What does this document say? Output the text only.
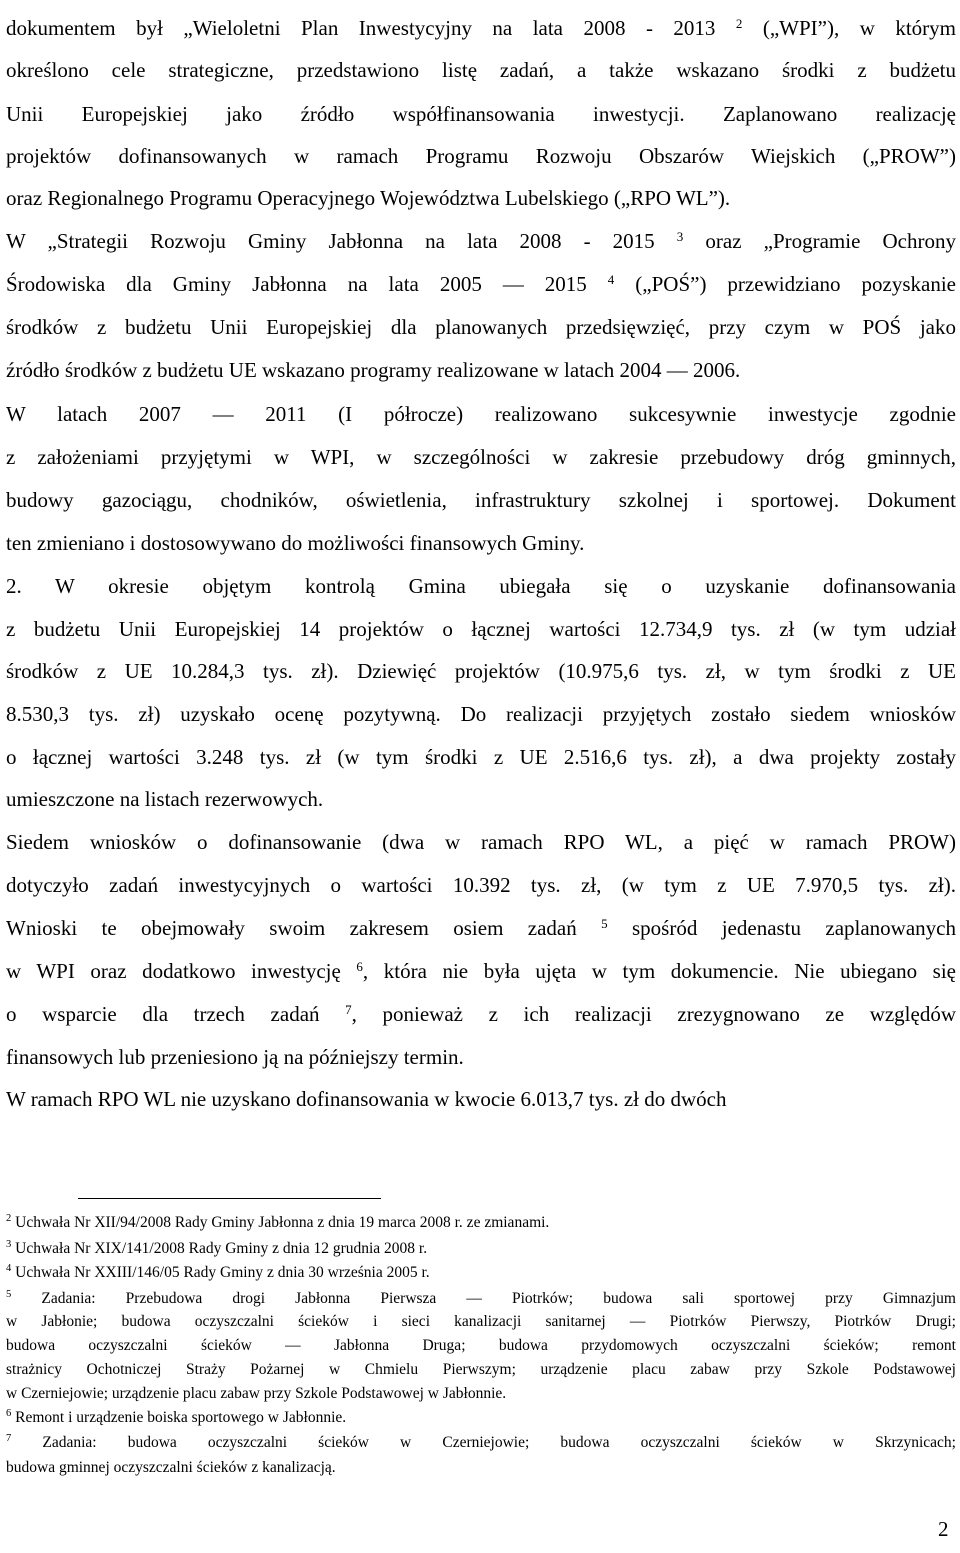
dokumentem był „Wieloletni Plan Inwestycyjny na lata 2008 - 2013 $^2$ („WPI”), w którym
określono cele strategiczne, przedstawiono listę zadań, a także wskazano środki z budżetu
Unii Europejskiej jako źródło współfinansowania inwestycji. Zaplanowano realizację
projektów dofinansowanych w ramach Programu Rozwoju Obszarów Wiejskich („PROW”)
oraz Regionalnego Programu Operacyjnego Województwa Lubelskiego („RPO WL”).
W „Strategii Rozwoju Gminy Jabłonna na lata 2008 - 2015 $^3$ oraz „Programie Ochrony
Środowiska dla Gminy Jabłonna na lata 2005 — 2015 $^4$ („POŚ”) przewidziano pozyskanie
środków z budżetu Unii Europejskiej dla planowanych przedsięwzięć, przy czym w POŚ jako
źródło środków z budżetu UE wskazano programy realizowane w latach 2004 — 2006.
W latach 2007 — 2011 (I półrocze) realizowano sukcesywnie inwestycje zgodnie
z założeniami przyjętymi w WPI, w szczególności w zakresie przebudowy dróg gminnych,
budowy gazociągu, chodników, oświetlenia, infrastruktury szkolnej i sportowej. Dokument
ten zmieniano i dostosowywano do możliwości finansowych Gminy.
2. W okresie objętym kontrolą Gmina ubiegała się o uzyskanie dofinansowania
z budżetu Unii Europejskiej 14 projektów o łącznej wartości 12.734,9 tys. zł (w tym udział
środków z UE 10.284,3 tys. zł). Dziewięć projektów (10.975,6 tys. zł, w tym środki z UE
8.530,3 tys. zł) uzyskało ocenę pozytywną. Do realizacji przyjętych zostało siedem wniosków
o łącznej wartości 3.248 tys. zł (w tym środki z UE 2.516,6 tys. zł), a dwa projekty zostały
umieszczone na listach rezerwowych.
Siedem wniosków o dofinansowanie (dwa w ramach RPO WL, a pięć w ramach PROW)
dotyczyło zadań inwestycyjnych o wartości 10.392 tys. zł, (w tym z UE 7.970,5 tys. zł).
Wnioski te obejmowały swoim zakresem osiem zadań $^5$ spośród jedenastu zaplanowanych
w WPI oraz dodatkowo inwestycję $^6$, która nie była ujęta w tym dokumencie. Nie ubiegano się
o wsparcie dla trzech zadań $^7$, ponieważ z ich realizacji zrezygnowano ze względów
finansowych lub przeniesiono ją na późniejszy termin.
W ramach RPO WL nie uzyskano dofinansowania w kwocie 6.013,7 tys. zł do dwóch
$^2$ Uchwała Nr XII/94/2008 Rady Gminy Jabłonna z dnia 19 marca 2008 r. ze zmianami.
$^3$ Uchwała Nr XIX/141/2008 Rady Gminy z dnia 12 grudnia 2008 r.
$^4$ Uchwała Nr XXIII/146/05 Rady Gminy z dnia 30 września 2005 r.
$^5$ Zadania: Przebudowa drogi Jabłonna Pierwsza — Piotrków; budowa sali sportowej przy Gimnazjum
w Jabłonie; budowa oczyszczalni ścieków i sieci kanalizacji sanitarnej — Piotrków Pierwszy, Piotrków Drugi;
budowa oczyszczalni ścieków — Jabłonna Druga; budowa przydomowych oczyszczalni ścieków; remont
strażnicy Ochotniczej Straży Pożarnej w Chmielu Pierwszym; urządzenie placu zabaw przy Szkole Podstawowej
w Czerniejowie; urządzenie placu zabaw przy Szkole Podstawowej w Jabłonnie.
$^6$ Remont i urządzenie boiska sportowego w Jabłonnie.
$^7$ Zadania: budowa oczyszczalni ścieków w Czerniejowie; budowa oczyszczalni ścieków w Skrzynicach;
budowa gminnej oczyszczalni ścieków z kanalizacją.
2
